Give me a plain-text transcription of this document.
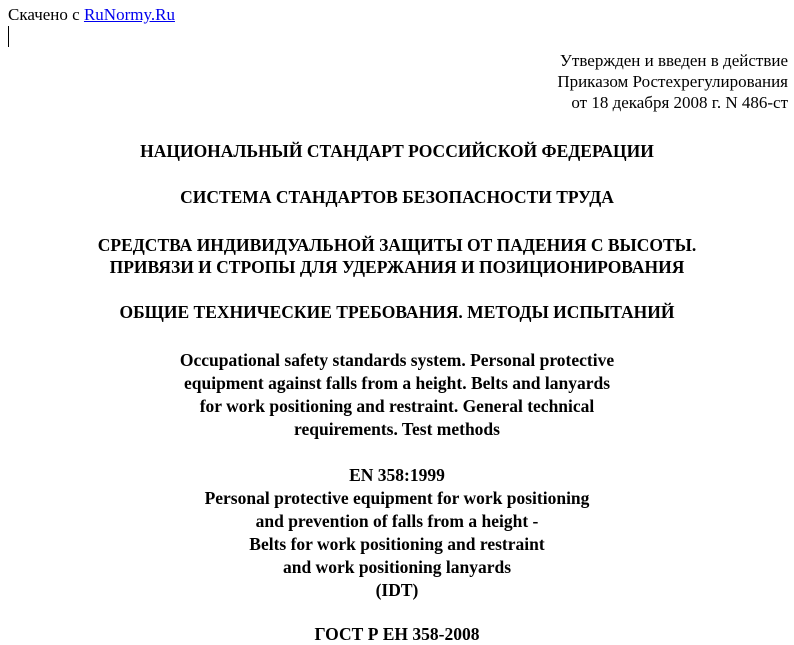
Скачено с RuNormy.Ru
Утвержден и введен в действие
Приказом Ростехрегулирования
от 18 декабря 2008 г. N 486-ст
НАЦИОНАЛЬНЫЙ СТАНДАРТ РОССИЙСКОЙ ФЕДЕРАЦИИ
СИСТЕМА СТАНДАРТОВ БЕЗОПАСНОСТИ ТРУДА
СРЕДСТВА ИНДИВИДУАЛЬНОЙ ЗАЩИТЫ ОТ ПАДЕНИЯ С ВЫСОТЫ.
ПРИВЯЗИ И СТРОПЫ ДЛЯ УДЕРЖАНИЯ И ПОЗИЦИОНИРОВАНИЯ
ОБЩИЕ ТЕХНИЧЕСКИЕ ТРЕБОВАНИЯ. МЕТОДЫ ИСПЫТАНИЙ
Occupational safety standards system. Personal protective
equipment against falls from a height. Belts and lanyards
for work positioning and restraint. General technical
requirements. Test methods
EN 358:1999
Personal protective equipment for work positioning
and prevention of falls from a height -
Belts for work positioning and restraint
and work positioning lanyards
(IDT)
ГОСТ Р ЕН 358-2008
